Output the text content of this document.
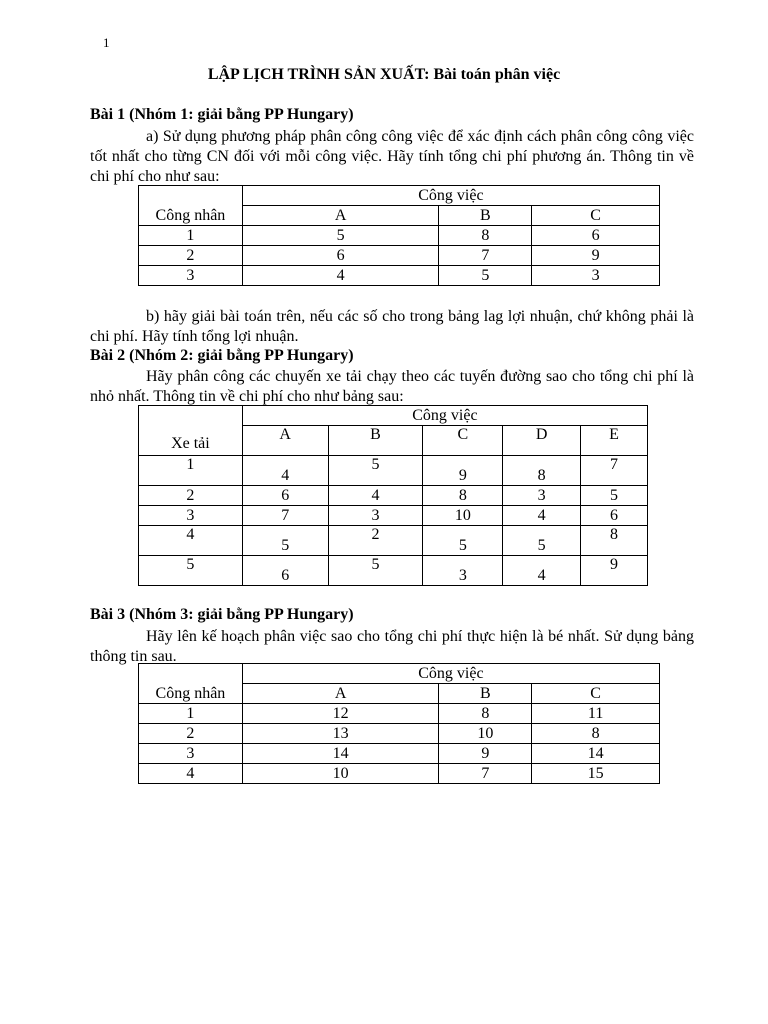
1
LẬP LỊCH TRÌNH SẢN XUẤT: Bài toán phân việc
Bài 1 (Nhóm 1: giải bằng PP Hungary)
a) Sử dụng phương pháp phân công công việc để xác định cách phân công công việc tốt nhất cho từng CN đối với mỗi công việc. Hãy tính tổng chi phí phương án. Thông tin về chi phí cho như sau:
Công nhân	Công việc		
	A	B	C
1	5	8	6
2	6	7	9
3	4	5	3
b) hãy giải bài toán trên, nếu các số cho trong bảng lag lợi nhuận, chứ không phải là chi phí. Hãy tính tổng lợi nhuận.
Bài 2 (Nhóm 2: giải bằng PP Hungary)
Hãy phân công các chuyến xe tải chạy theo các tuyến đường sao cho tổng chi phí là nhỏ nhất. Thông tin về chi phí cho như bảng sau:
Xe tải	Công việc				
	A	B	C	D	E
1	4	5	9	8	7
2	6	4	8	3	5
3	7	3	10	4	6
4	5	2	5	5	8
5	6	5	3	4	9
Bài 3 (Nhóm 3: giải bằng PP Hungary)
Hãy lên kế hoạch phân việc sao cho tổng chi phí thực hiện là bé nhất. Sử dụng bảng thông tin sau.
Công nhân	Công việc		
	A	B	C
1	12	8	11
2	13	10	8
3	14	9	14
4	10	7	15
